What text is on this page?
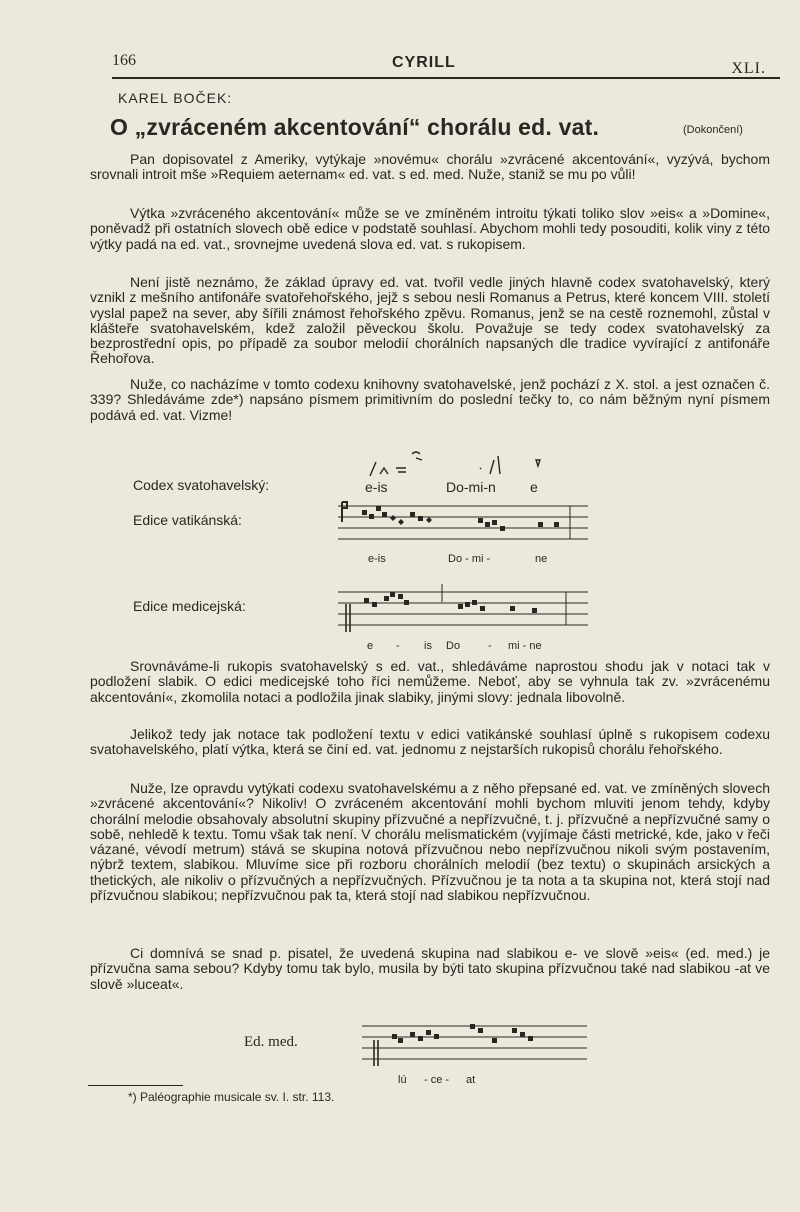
166	CYRILL	XLI.
KAREL BOČEK:
O „zvráceném akcentování“ chorálu ed. vat.	(Dokončení)

Pan dopisovatel z Ameriky, vytýkaje »novému« chorálu »zvrácené akcentování«, vyzývá, bychom srovnali introit mše »Requiem aeternam« ed. vat. s ed. med. Nuže, staniž se mu po vůli!

Výtka »zvráceného akcentování« může se ve zmíněném introitu týkati toliko slov »eis« a »Domine«, poněvadž při ostatních slovech obě edice v podstatě souhlasí. Abychom mohli tedy posouditi, kolik viny z této výtky padá na ed. vat., srovnejme uvedená slova ed. vat. s rukopisem.

Není jistě neznámo, že základ úpravy ed. vat. tvořil vedle jiných hlavně codex svatohavelský, který vznikl z mešního antifonáře svatořehořského, jejž s sebou nesli Romanus a Petrus, které koncem VIII. století vyslal papež na sever, aby šířili známost řehořského zpěvu. Romanus, jenž se na cestě roznemohl, zůstal v klášteře svatohavelském, kdež založil pěveckou školu. Považuje se tedy codex svatohavelský za bezprostřední opis, po případě za soubor melodií chorálních napsaných dle tradice vyvírající z antifonáře Řehořova.

Nuže, co nacházíme v tomto codexu knihovny svatohavelské, jenž pochází z X. stol. a jest označen č. 339? Shledáváme zde*) napsáno písmem primitivním do poslední tečky to, co nám běžným nyní písmem podává ed. vat. Vizme!

Codex svatohavelský:	e-is	Do-mi-n e
Edice vatikánská:
e-is	Do - mi -	ne
Edice medicejská:
e - is Do	- mi - ne

Srovnáváme-li rukopis svatohavelský s ed. vat., shledáváme naprostou shodu jak v notaci tak v podložení slabik. O edici medicejské toho říci nemůžeme. Neboť, aby se vyhnula tak zv. »zvrácenému akcentování«, zkomolila notaci a podložila jinak slabiky, jinými slovy: jednala libovolně.

Jelikož tedy jak notace tak podložení textu v edici vatikánské souhlasí úplně s rukopisem codexu svatohavelského, platí výtka, která se činí ed. vat. jednomu z nejstarších rukopisů chorálu řehořského.

Nuže, lze opravdu vytýkati codexu svatohavelskému a z něho přepsané ed. vat. ve zmíněných slovech »zvrácené akcentování«? Nikoliv! O zvráceném akcentování mohli bychom mluviti jenom tehdy, kdyby chorální melodie obsahovaly absolutní skupiny přízvučné a nepřízvučné, t. j. přízvučné a nepřízvučné samy o sobě, nehledě k textu. Tomu však tak není. V chorálu melismatickém (vyjímaje části metrické, kde, jako v řeči vázané, vévodí metrum) stává se skupina notová přízvučnou nebo nepřízvučnou nikoli svým postavením, nýbrž textem, slabikou. Mluvíme sice při rozboru chorálních melodií (bez textu) o skupinách arsických a thetických, ale nikoliv o přízvučných a nepřízvučných. Přízvučnou je ta nota a ta skupina not, která stojí nad přízvučnou slabikou; nepřízvučnou pak ta, která stojí nad slabikou nepřízvučnou.

Ci domnívá se snad p. pisatel, že uvedená skupina nad slabikou e- ve slově »eis« (ed. med.) je přízvučna sama sebou? Kdyby tomu tak bylo, musila by býti tato skupina přízvučnou také nad slabikou -at ve slově »luceat«.

Ed. med.
lú - ce - at
*) Paléographie musicale sv. I. str. 113.
